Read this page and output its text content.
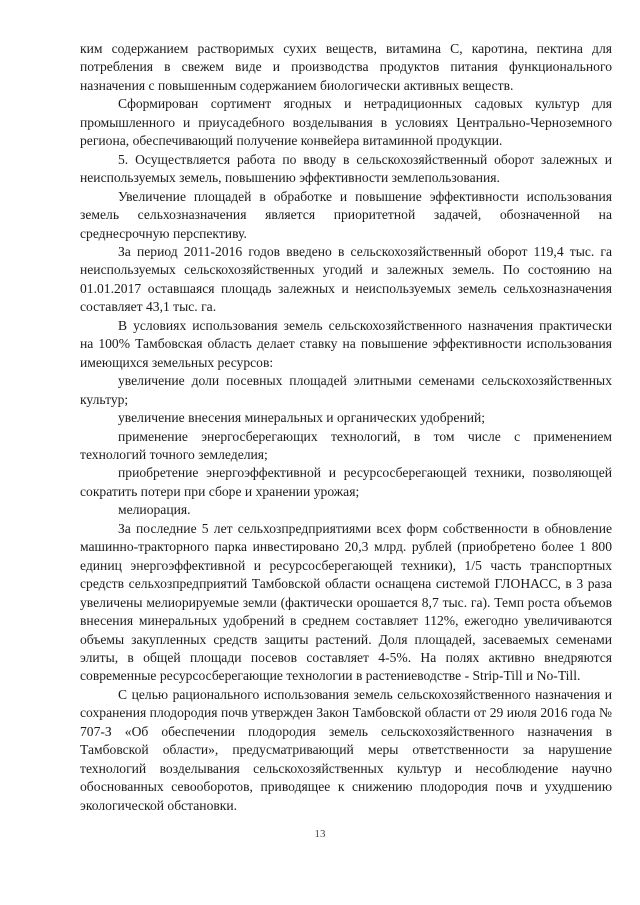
ким содержанием растворимых сухих веществ, витамина С, каротина, пектина для потребления в свежем виде и производства продуктов питания функционального назначения с повышенным содержанием биологически активных веществ.

Сформирован сортимент ягодных и нетрадиционных садовых культур для промышленного и приусадебного возделывания в условиях Центрально-Черноземного региона, обеспечивающий получение конвейера витаминной продукции.

5. Осуществляется работа по вводу в сельскохозяйственный оборот залежных и неиспользуемых земель, повышению эффективности землепользования.

Увеличение площадей в обработке и повышение эффективности использования земель сельхозназначения является приоритетной задачей, обозначенной на среднесрочную перспективу.

За период 2011-2016 годов введено в сельскохозяйственный оборот 119,4 тыс. га неиспользуемых сельскохозяйственных угодий и залежных земель. По состоянию на 01.01.2017 оставшаяся площадь залежных и неиспользуемых земель сельхозназначения составляет 43,1 тыс. га.

В условиях использования земель сельскохозяйственного назначения практически на 100% Тамбовская область делает ставку на повышение эффективности использования имеющихся земельных ресурсов:

увеличение доли посевных площадей элитными семенами сельскохозяйственных культур;

увеличение внесения минеральных и органических удобрений;

применение энергосберегающих технологий, в том числе с применением технологий точного земледелия;

приобретение энергоэффективной и ресурсосберегающей техники, позволяющей сократить потери при сборе и хранении урожая;

мелиорация.

За последние 5 лет сельхозпредприятиями всех форм собственности в обновление машинно-тракторного парка инвестировано 20,3 млрд. рублей (приобретено более 1 800 единиц энергоэффективной и ресурсосберегающей техники), 1/5 часть транспортных средств сельхозпредприятий Тамбовской области оснащена системой ГЛОНАСС, в 3 раза увеличены мелиорируемые земли (фактически орошается 8,7 тыс. га). Темп роста объемов внесения минеральных удобрений в среднем составляет 112%, ежегодно увеличиваются объемы закупленных средств защиты растений. Доля площадей, засеваемых семенами элиты, в общей площади посевов составляет 4-5%. На полях активно внедряются современные ресурсосберегающие технологии в растениеводстве - Strip-Till и No-Till.

С целью рационального использования земель сельскохозяйственного назначения и сохранения плодородия почв утвержден Закон Тамбовской области от 29 июля 2016 года № 707-З «Об обеспечении плодородия земель сельскохозяйственного назначения в Тамбовской области», предусматривающий меры ответственности за нарушение технологий возделывания сельскохозяйственных культур и несоблюдение научно обоснованных севооборотов, приводящее к снижению плодородия почв и ухудшению экологической обстановки.

13
